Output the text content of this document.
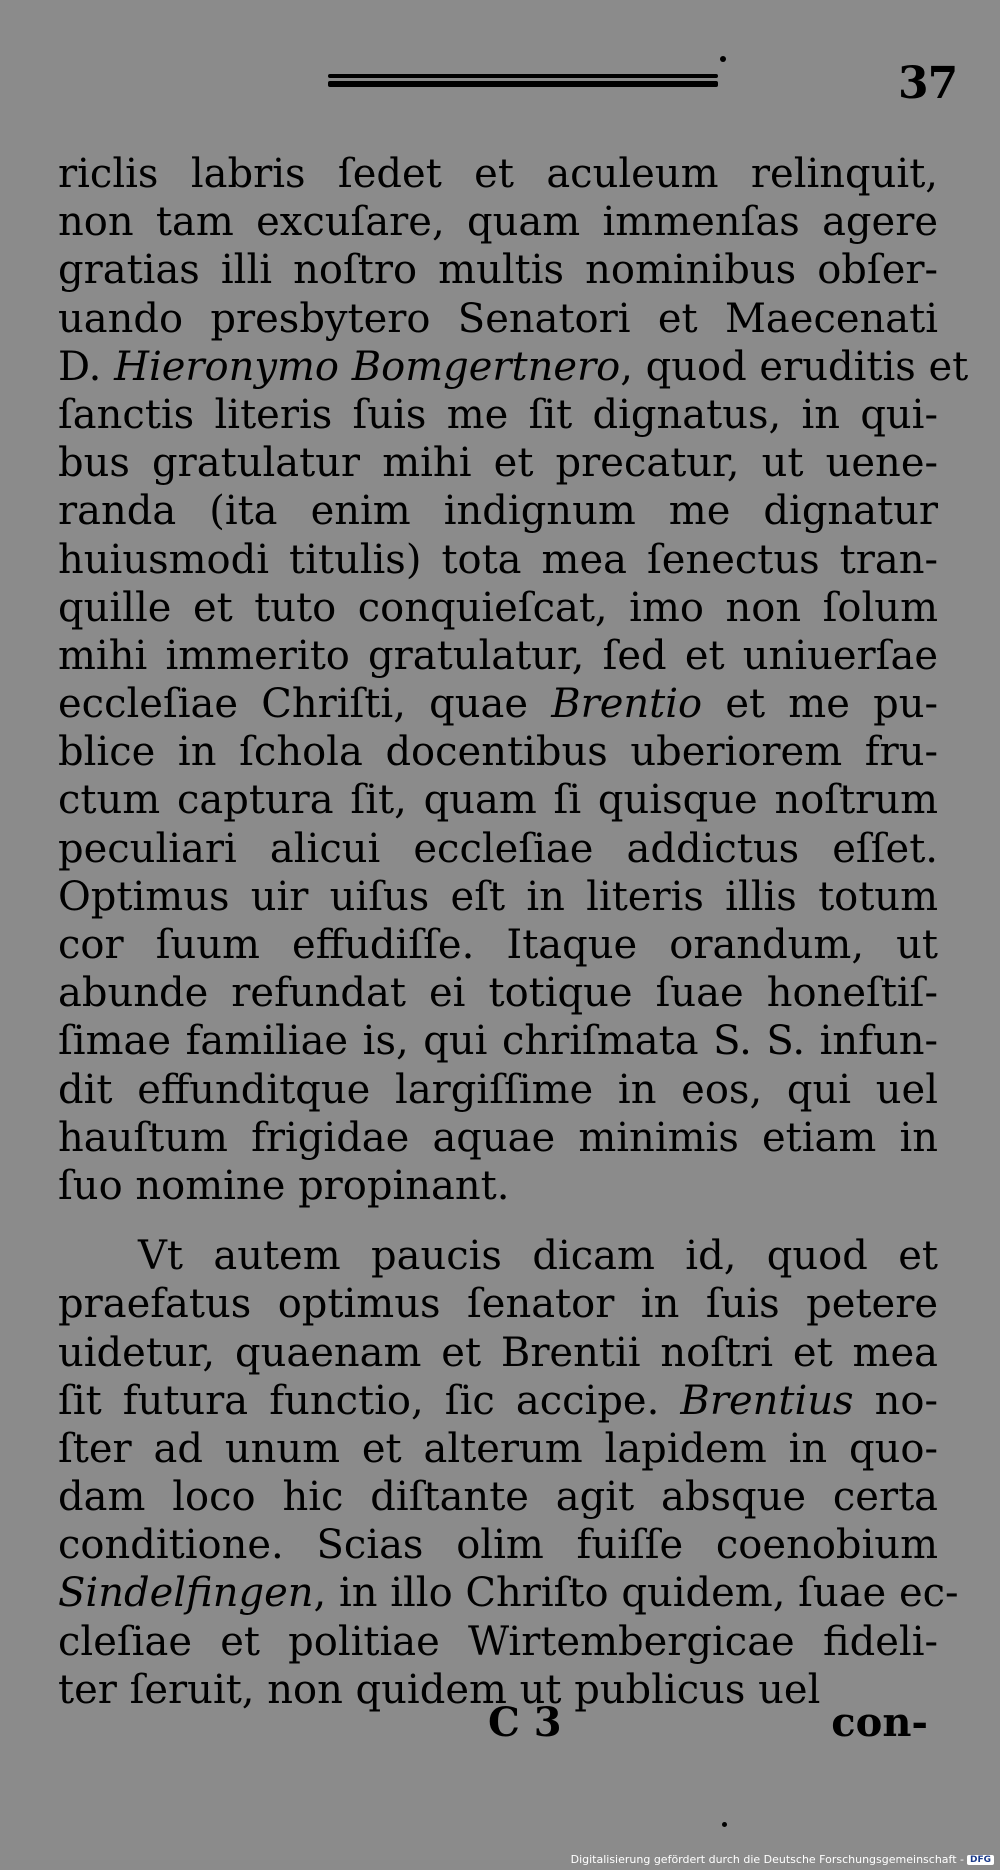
37
riclis labris ſedet et aculeum relinquit,
non tam excuſare, quam immenſas agere
gratias illi noſtro multis nominibus obſer-
uando presbytero Senatori et Maecenati
D. Hieronymo Bomgertnero, quod eruditis et
ſanctis literis ſuis me ſit dignatus, in qui-
bus gratulatur mihi et precatur, ut uene-
randa (ita enim indignum me dignatur
huiusmodi titulis) tota mea ſenectus tran-
quille et tuto conquieſcat, imo non ſolum
mihi immerito gratulatur, ſed et uniuerſae
eccleſiae Chriſti, quae Brentio et me pu-
blice in ſchola docentibus uberiorem fru-
ctum captura ſit, quam ſi quisque noſtrum
peculiari alicui eccleſiae addictus eſſet.
Optimus uir uiſus eſt in literis illis totum
cor ſuum effudiſſe. Itaque orandum, ut
abunde refundat ei totique ſuae honeſtiſ-
ſimae familiae is, qui chriſmata S. S. infun-
dit effunditque largiſſime in eos, qui uel
hauſtum frigidae aquae minimis etiam in
ſuo nomine propinant.
Vt autem paucis dicam id, quod et
praefatus optimus ſenator in ſuis petere
uidetur, quaenam et Brentii noſtri et mea
ſit futura functio, ſic accipe. Brentius no-
ſter ad unum et alterum lapidem in quo-
dam loco hic diſtante agit absque certa
conditione. Scias olim fuiſſe coenobium
Sindelfingen, in illo Chriſto quidem, ſuae ec-
cleſiae et politiae Wirtembergicae fideli-
ter ſeruit, non quidem ut publicus uel
C 3	con-
Digitalisierung gefördert durch die Deutsche Forschungsgemeinschaft - DFG
